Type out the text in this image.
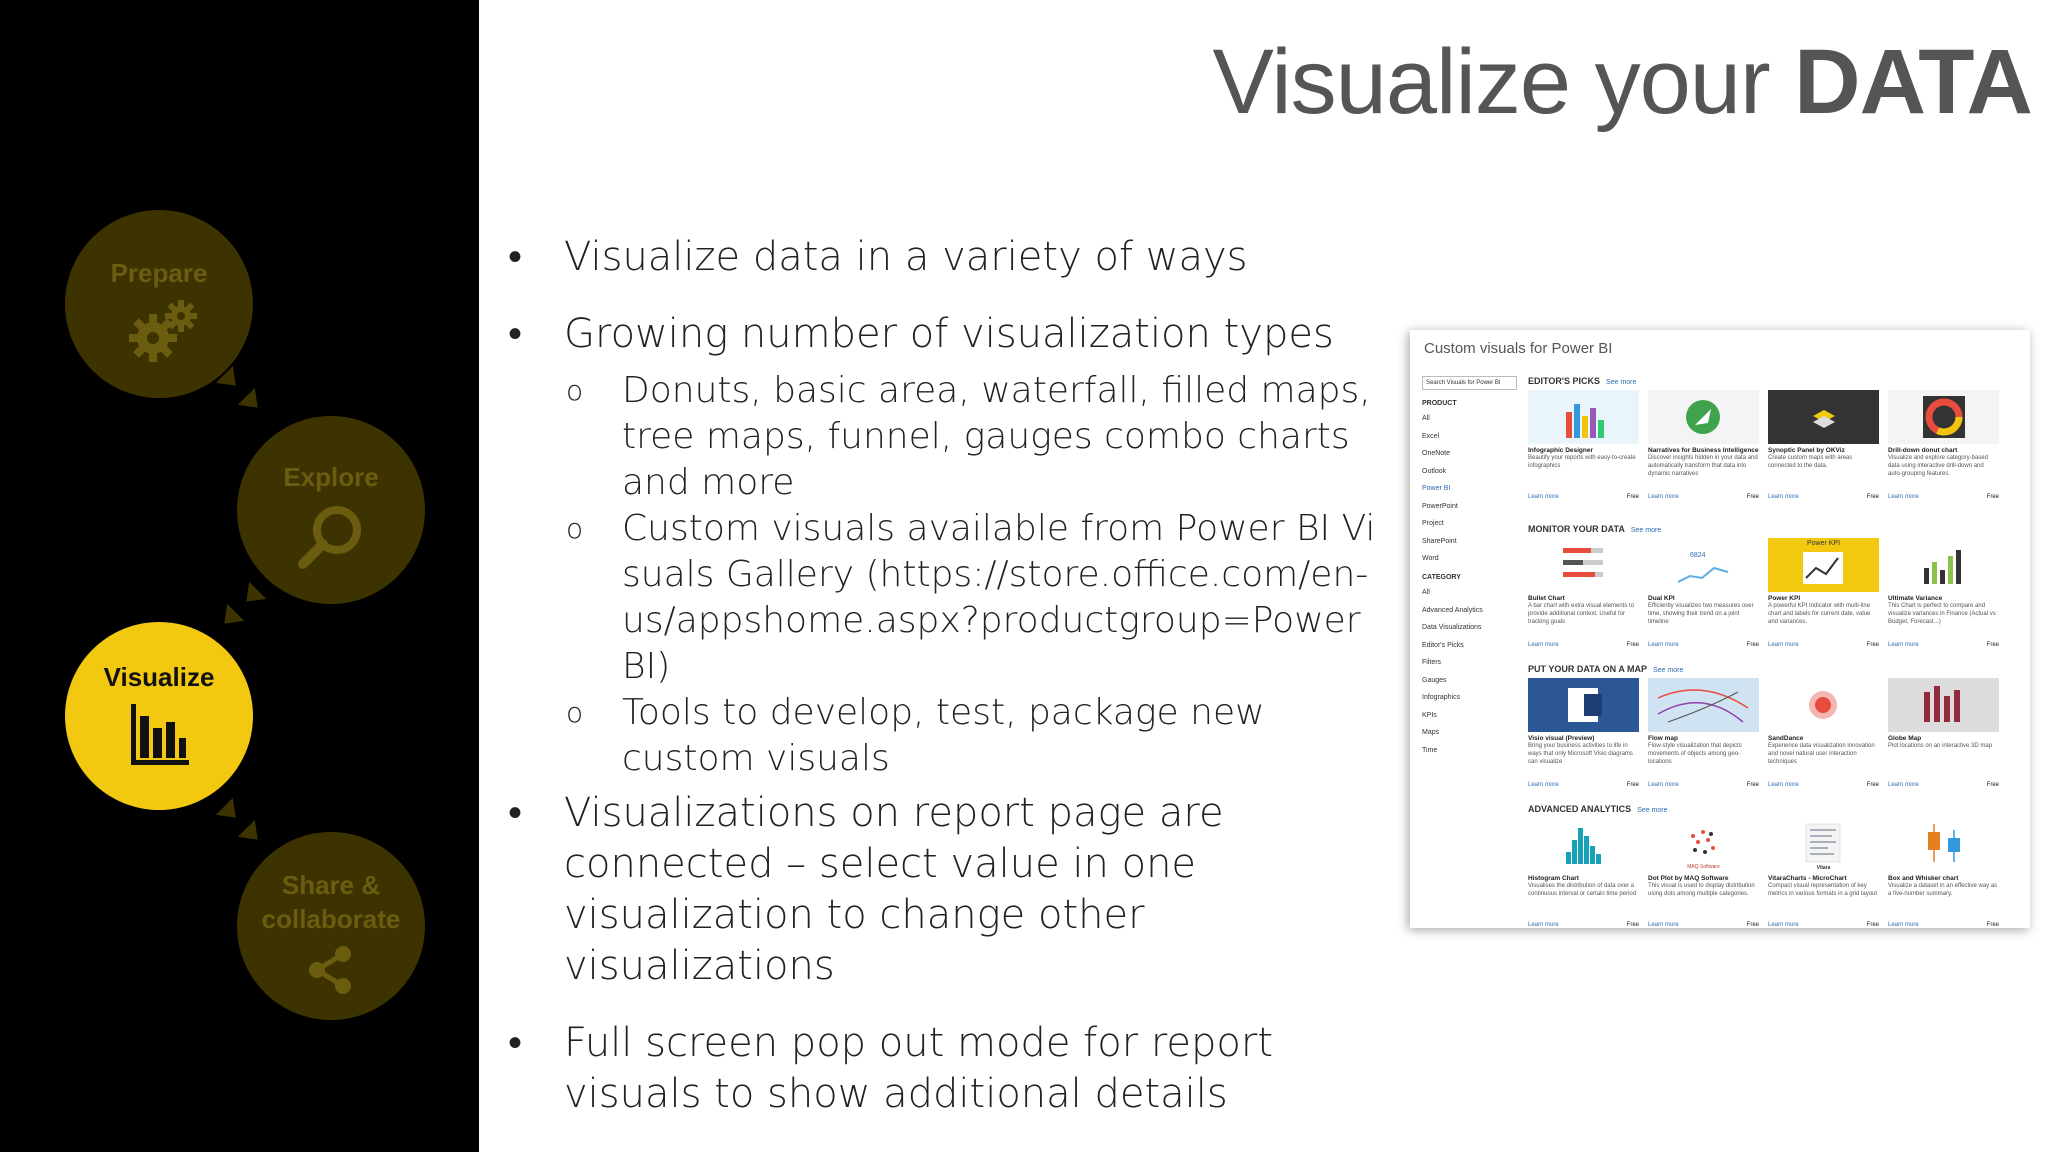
Prepare
Explore
Visualize
Share &
collaborate
Visualize your DATA
• Visualize data in a variety of ways
• Growing number of visualization types
o Donuts, basic area, waterfall, filled maps, tree maps, funnel, gauges combo charts and more
o Custom visuals available from Power BI Visuals Gallery (https://store.office.com/en-us/appshome.aspx?productgroup=PowerBI)
o Tools to develop, test, package new custom visuals
• Visualizations on report page are connected – select value in one visualization to change other visualizations
• Full screen pop out mode for report visuals to show additional details
Custom visuals for Power BI
Search Visuals for Power BI
PRODUCT
All
Excel
OneNote
Outlook
Power BI
PowerPoint
Project
SharePoint
Word
CATEGORY
All
Advanced Analytics
Data Visualizations
Editor's Picks
Filters
Gauges
Infographics
KPIs
Maps
Time
EDITOR'S PICKS See more
Infographic Designer
Beautify your reports with easy-to-create infographics
Learn more	Free
Narratives for Business Intelligence
Discover insights hidden in your data and automatically transform that data into dynamic narratives
Learn more	Free
Synoptic Panel by OKViz
Create custom maps with areas connected to the data.
Learn more	Free
Drill-down donut chart
Visualize and explore category-based data using interactive drill-down and auto-grouping features.
Learn more	Free
MONITOR YOUR DATA See more
Bullet Chart
A bar chart with extra visual elements to provide additional context. Useful for tracking goals
Learn more	Free
6824
Dual KPI
Efficiently visualizes two measures over time, showing their trend on a joint timeline
Learn more	Free
Power KPI
Power KPI
A powerful KPI Indicator with multi-line chart and labels for current date, value and variances.
Learn more	Free
Ultimate Variance
This Chart is perfect to compare and visualize variances in Finance (Actual vs Budget, Forecast...)
Learn more	Free
PUT YOUR DATA ON A MAP See more
Visio visual (Preview)
Bring your business activities to life in ways that only Microsoft Visio diagrams can visualize
Learn more	Free
Flow map
Flow-style visualization that depicts movements of objects among geo-locations
Learn more	Free
SandDance
Experience data visualization innovation and novel natural user interaction techniques
Learn more	Free
Globe Map
Plot locations on an interactive 3D map
Learn more	Free
ADVANCED ANALYTICS See more
Histogram Chart
Visualises the distribution of data over a continuous interval or certain time period
Learn more	Free
MAQ Software
Dot Plot by MAQ Software
This visual is used to display distribution using dots among multiple categories.
Learn more	Free
Vitara
VitaraCharts - MicroChart
Compact visual representation of key metrics in various formats in a grid layout
Learn more	Free
Box and Whisker chart
Visualize a dataset in an effective way as a five-number summary.
Learn more	Free
